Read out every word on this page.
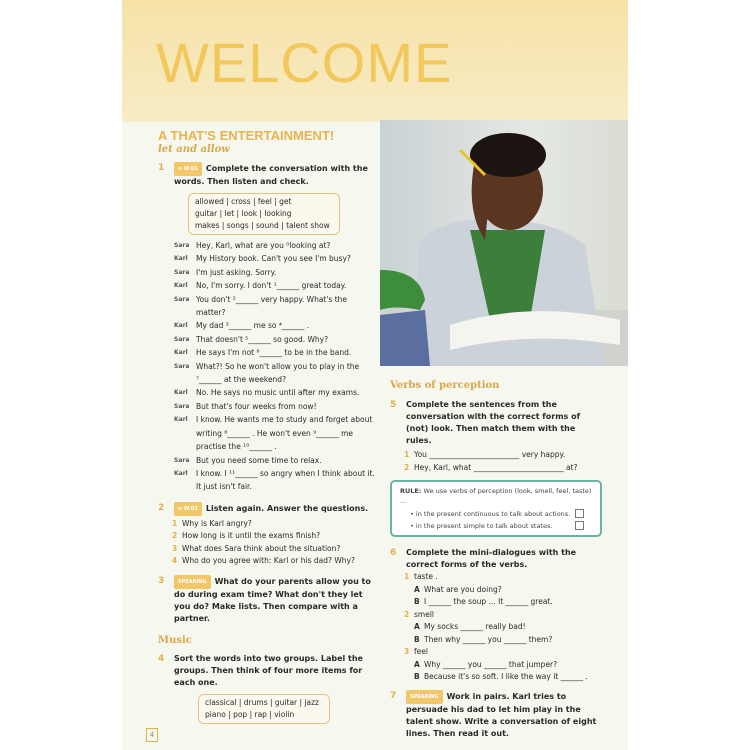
WELCOME
A THAT'S ENTERTAINMENT!
let and allow
1	⊙ W.01 Complete the conversation with the words. Then listen and check.
allowed | cross | feel | get
guitar | let | look | looking
makes | songs | sound | talent show
Sara Hey, Karl, what are you ⁰looking at?
Karl My History book. Can't you see I'm busy?
Sara I'm just asking. Sorry.
Karl No, I'm sorry. I don't ¹______ great today.
Sara You don't ²______ very happy. What's the matter?
Karl My dad ³______ me so ⁴______ .
Sara That doesn't ⁵______ so good. Why?
Karl He says I'm not ⁶______ to be in the band.
Sara What?! So he won't allow you to play in the ⁷______ at the weekend?
Karl No. He says no music until after my exams.
Sara But that's four weeks from now!
Karl I know. He wants me to study and forget about writing ⁸______ . He won't even ⁹______ me practise the ¹⁰______ .
Sara But you need some time to relax.
Karl I know. I ¹¹______ so angry when I think about it. It just isn't fair.
2	⊙ W.01 Listen again. Answer the questions.
1 Why is Karl angry?
2 How long is it until the exams finish?
3 What does Sara think about the situation?
4 Who do you agree with: Karl or his dad? Why?
3	SPEAKING What do your parents allow you to do during exam time? What don't they let you do? Make lists. Then compare with a partner.
Music
4 Sort the words into two groups. Label the groups. Then think of four more items for each one.
classical | drums | guitar | jazz
piano | pop | rap | violin
Verbs of perception
5 Complete the sentences from the conversation with the correct forms of (not) look. Then match them with the rules.
1 You ________________________ very happy.
2 Hey, Karl, what ________________________ at?
RULE: We use verbs of perception (look, smell, feel, taste) ...
• in the present continuous to talk about actions.
• in the present simple to talk about states.
6 Complete the mini-dialogues with the correct forms of the verbs.
1 taste .
A What are you doing?
B I ______ the soup ... It ______ great.
2 smell
A My socks ______ really bad!
B Then why ______ you ______ them?
3 feel
A Why ______ you ______ that jumper?
B Because it's so soft. I like the way it ______ .
7	SPEAKING Work in pairs. Karl tries to persuade his dad to let him play in the talent show. Write a conversation of eight lines. Then read it out.
4
